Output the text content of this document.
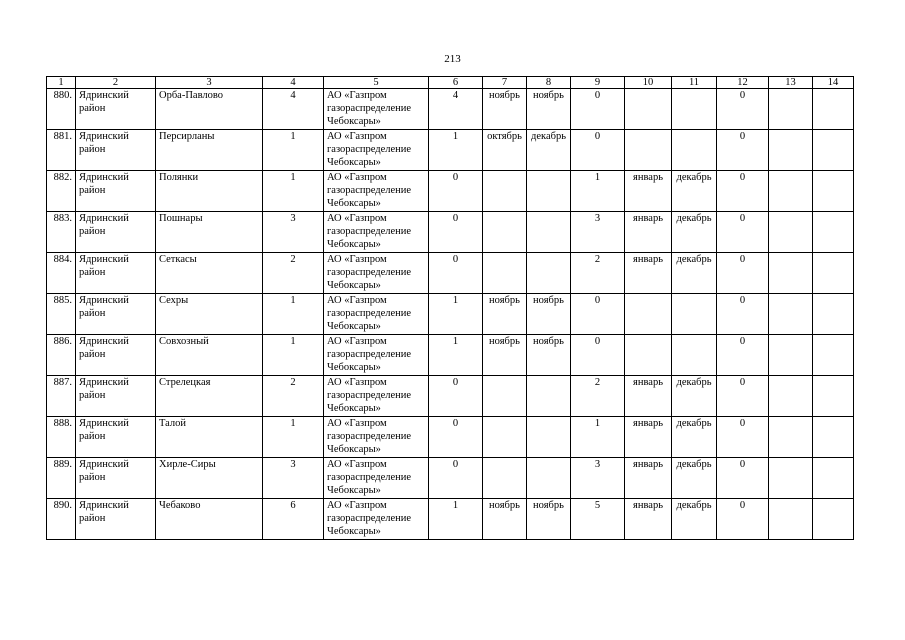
213
1	2	3	4	5	6	7	8	9	10	11	12	13	14
880.	Ядринский район	Орба-Павлово	4	АО «Газпром газораспределение Чебоксары»	4	ноябрь	ноябрь	0			0		
881.	Ядринский район	Персирланы	1	АО «Газпром газораспределение Чебоксары»	1	октябрь	декабрь	0			0		
882.	Ядринский район	Полянки	1	АО «Газпром газораспределение Чебоксары»	0			1	январь	декабрь	0		
883.	Ядринский район	Пошнары	3	АО «Газпром газораспределение Чебоксары»	0			3	январь	декабрь	0		
884.	Ядринский район	Сеткасы	2	АО «Газпром газораспределение Чебоксары»	0			2	январь	декабрь	0		
885.	Ядринский район	Сехры	1	АО «Газпром газораспределение Чебоксары»	1	ноябрь	ноябрь	0			0		
886.	Ядринский район	Совхозный	1	АО «Газпром газораспределение Чебоксары»	1	ноябрь	ноябрь	0			0		
887.	Ядринский район	Стрелецкая	2	АО «Газпром газораспределение Чебоксары»	0			2	январь	декабрь	0		
888.	Ядринский район	Талой	1	АО «Газпром газораспределение Чебоксары»	0			1	январь	декабрь	0		
889.	Ядринский район	Хирле-Сиры	3	АО «Газпром газораспределение Чебоксары»	0			3	январь	декабрь	0		
890.	Ядринский район	Чебаково	6	АО «Газпром газораспределение Чебоксары»	1	ноябрь	ноябрь	5	январь	декабрь	0		
